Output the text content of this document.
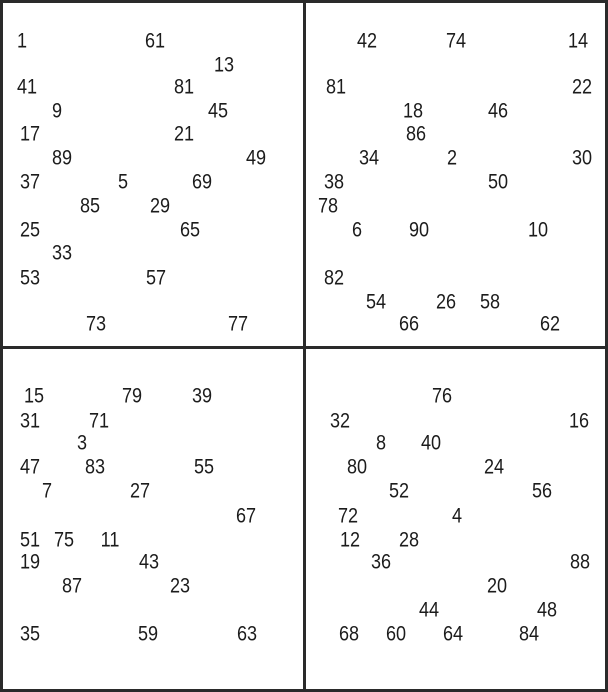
1	61
13
41	81
9	45
17	21
89	49
37	5	69
85 29
25	65
33
53	57
73	77
42	74	14
81	22
18	46
86
34	2	30
38	50
78
6 90	10
82
54 26 58
66	62
15	79 39
31 71
3
47 83	55
7	27
67
51 75 11
19	43
87	23
35	59	63
76
32	16
8 40
80	24
52	56
72	4
12 28
36	88
20
44	48
68 60 64	84
